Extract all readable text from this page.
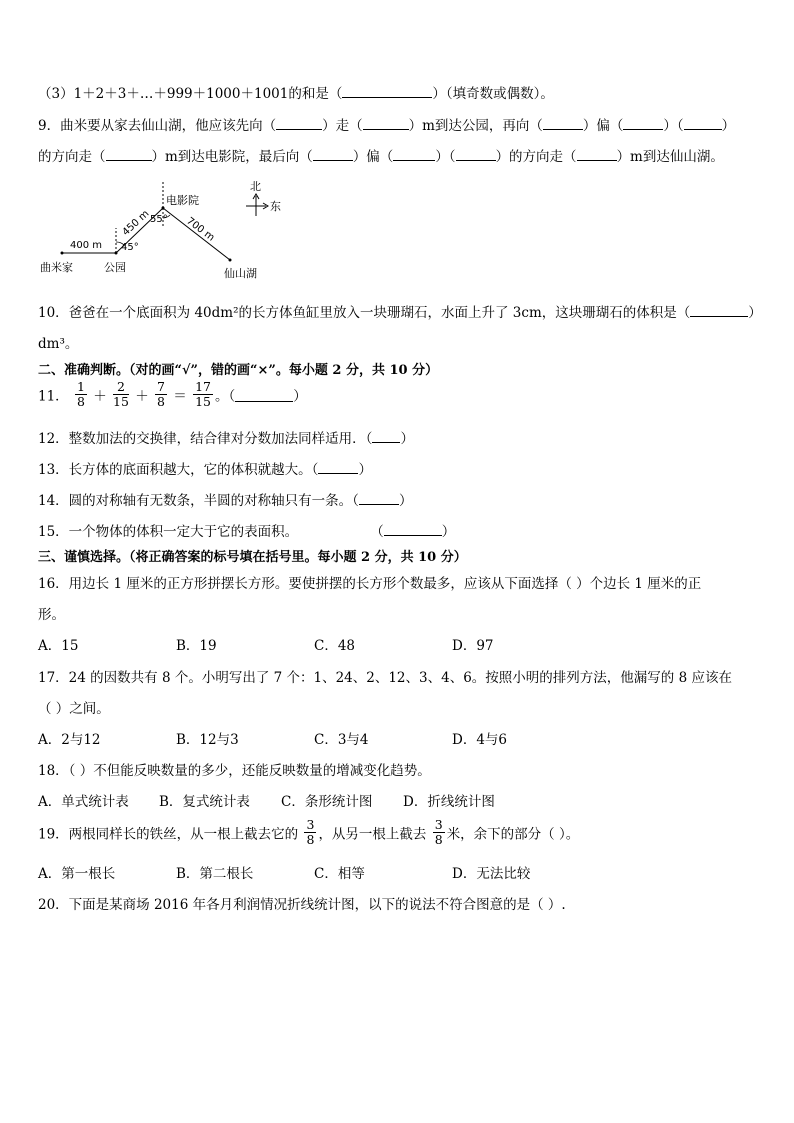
（3）1＋2＋3＋…＋999＋1000＋1001的和是（	）（填奇数或偶数）。
9．曲米要从家去仙山湖，他应该先向（	）走（	）m到达公园，再向（	）偏（	）（	）
的方向走（	）m到达电影院，最后向（	）偏（	）（	）的方向走（	）m到达仙山湖。
400 m
450 m	700 m
45°
55°
电影院
曲米家	公园	仙山湖
北
东
10．爸爸在一个底面积为 40dm²的长方体鱼缸里放入一块珊瑚石，水面上升了 3cm，这块珊瑚石的体积是（	）
dm³。
二、准确判断。（对的画“√”，错的画“×”。每小题 2 分，共 10 分）
11． $\frac{1}{8} + \frac{2}{15} + \frac{7}{8} = \frac{17}{15}$ 。（	）
12．整数加法的交换律，结合律对分数加法同样适用．（ ）
13．长方体的底面积越大，它的体积就越大。（	）
14．圆的对称轴有无数条，半圆的对称轴只有一条。（	）
15．一个物体的体积一定大于它的表面积。	（	）
三、谨慎选择。（将正确答案的标号填在括号里。每小题 2 分，共 10 分）
16．用边长 1 厘米的正方形拼摆长方形。要使拼摆的长方形个数最多，应该从下面选择（ ）个边长 1 厘米的正
形。
A．15	B．19	C．48	D．97
17．24 的因数共有 8 个。小明写出了 7 个：1、24、2、12、3、4、6。按照小明的排列方法，他漏写的 8 应该在
（ ）之间。
A．2与12	B．12与3	C．3与4	D．4与6
18．（ ）不但能反映数量的多少，还能反映数量的增减变化趋势。
A．单式统计表 B．复式统计表 C．条形统计图 D．折线统计图
19．两根同样长的铁丝，从一根上截去它的 $\frac{3}{8}$ ，从另一根上截去 $\frac{3}{8}$ 米，余下的部分（ ）。
A．第一根长	B．第二根长	C．相等	D．无法比较
20．下面是某商场 2016 年各月利润情况折线统计图，以下的说法不符合图意的是（ ）.
